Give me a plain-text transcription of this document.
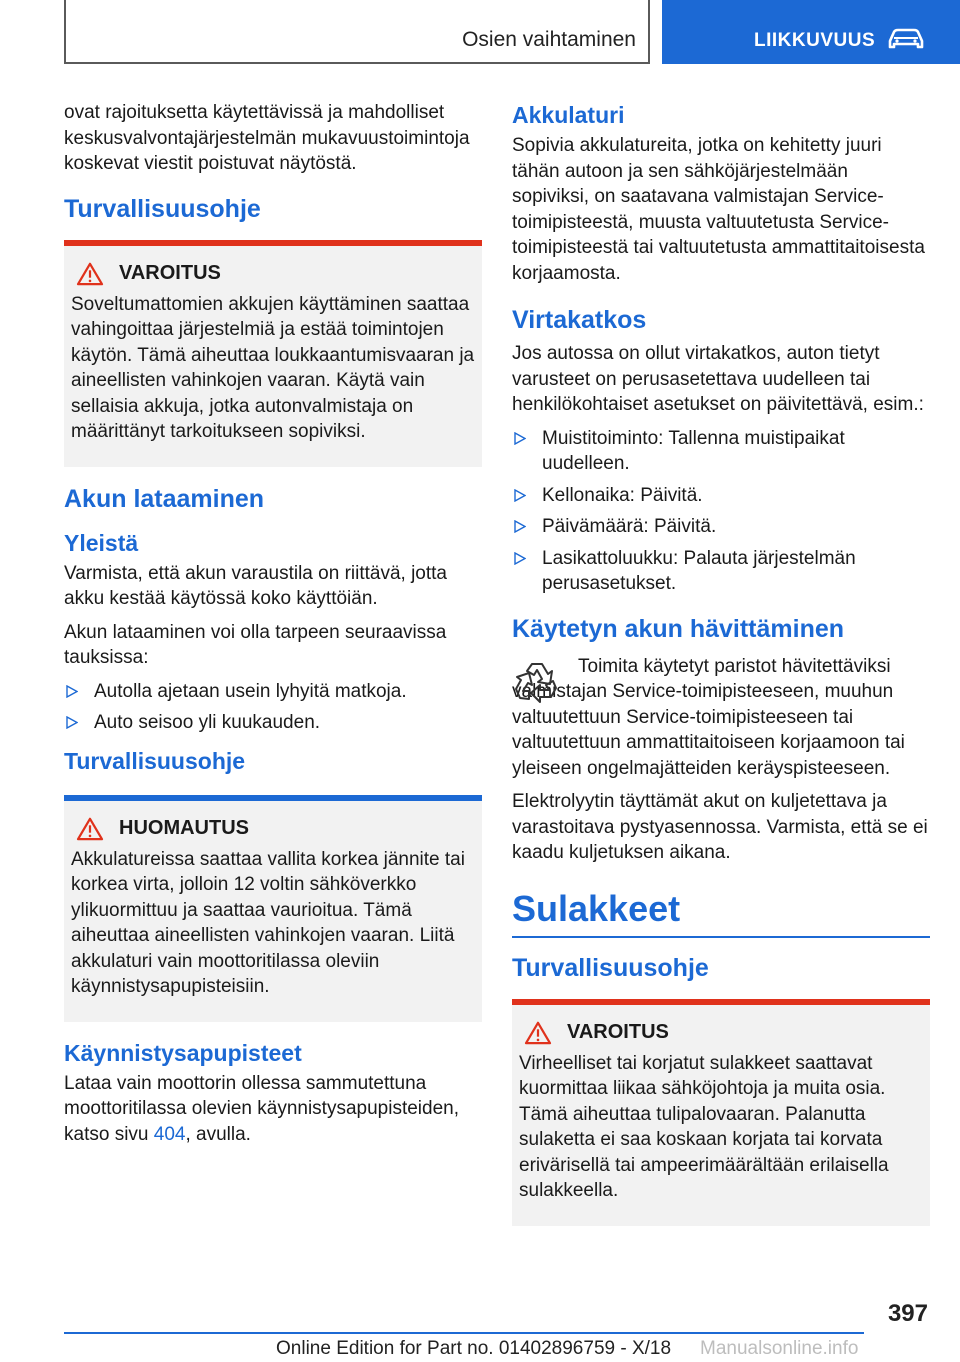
Osien vaihtaminen	LIIKKUVUUS

ovat rajoituksetta käytettävissä ja mahdolliset keskusvalvontajärjestelmän mukavuustoimintoja koskevat viestit poistuvat näytöstä.

Turvallisuusohje
VAROITUS

Soveltumattomien akkujen käyttäminen saattaa vahingoittaa järjestelmiä ja estää toimintojen käytön. Tämä aiheuttaa loukkaantumisvaaran ja aineellisten vahinkojen vaaran. Käytä vain sellaisia akkuja, jotka autonvalmistaja on määrittänyt tarkoitukseen sopiviksi.

Akun lataaminen
Yleistä

Varmista, että akun varaustila on riittävä, jotta akku kestää käytössä koko käyttöiän.

Akun lataaminen voi olla tarpeen seuraavissa tauksissa:

Autolla ajetaan usein lyhyitä matkoja.
Auto seisoo yli kuukauden.
Turvallisuusohje
HUOMAUTUS

Akkulatureissa saattaa vallita korkea jännite tai korkea virta, jolloin 12 voltin sähköverkko ylikuormittuu ja saattaa vaurioitua. Tämä aiheuttaa aineellisten vahinkojen vaaran. Liitä akkulaturi vain moottoritilassa oleviin käynnistysapupisteisiin.

Käynnistysapupisteet

Lataa vain moottorin ollessa sammutettuna moottoritilassa olevien käynnistysapupisteiden, katso sivu 404, avulla.

Akkulaturi

Sopivia akkulatureita, jotka on kehitetty juuri tähän autoon ja sen sähköjärjestelmään sopiviksi, on saatavana valmistajan Service-toimipisteestä, muusta valtuutetusta Service-toimipisteestä tai valtuutetusta ammattitaitoisesta korjaamosta.

Virtakatkos

Jos autossa on ollut virtakatkos, auton tietyt varusteet on perusasetettava uudelleen tai henkilökohtaiset asetukset on päivitettävä, esim.:

Muistitoiminto: Tallenna muistipaikat uudelleen.
Kellonaika: Päivitä.
Päivämäärä: Päivitä.
Lasikattoluukku: Palauta järjestelmän perusasetukset.
Käytetyn akun hävittäminen

Toimita käytetyt paristot hävitettäviksi valmistajan Service-toimipisteeseen, muuhun valtuutettuun Service-toimipisteeseen tai valtuutettuun ammattitaitoiseen korjaamoon tai yleiseen ongelmajätteiden keräyspisteeseen.

Elektrolyytin täyttämät akut on kuljetettava ja varastoitava pystyasennossa. Varmista, että se ei kaadu kuljetuksen aikana.

Sulakkeet
Turvallisuusohje
VAROITUS

Virheelliset tai korjatut sulakkeet saattavat kuormittaa liikaa sähköjohtoja ja muita osia. Tämä aiheuttaa tulipalovaaran. Palanutta sulaketta ei saa koskaan korjata tai korvata erivärisellä tai ampeerimäärältään erilaisella sulakkeella.

397
Online Edition for Part no. 01402896759 - X/18 Manualsonline.info
